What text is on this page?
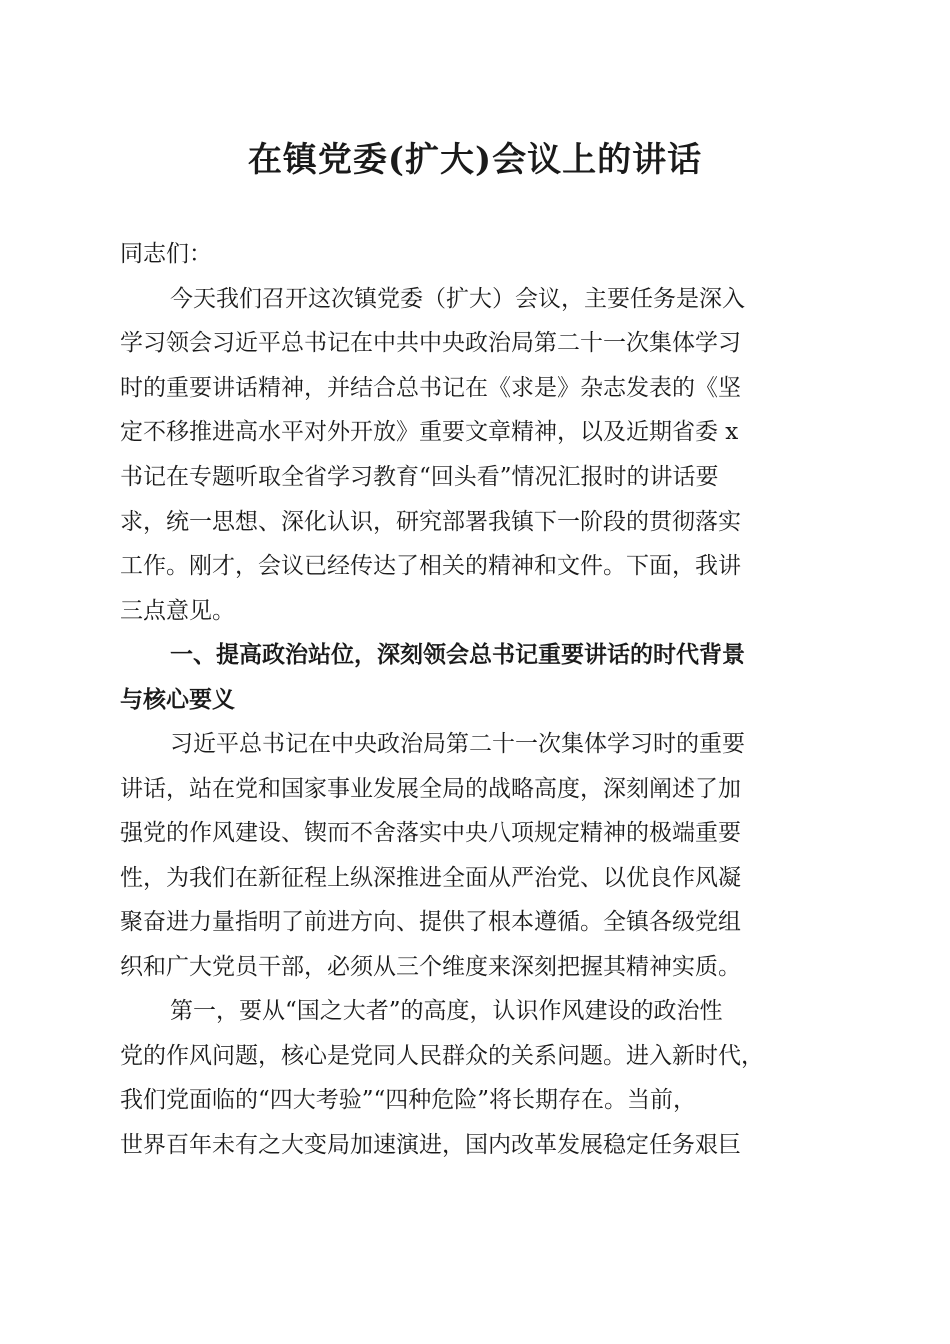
在镇党委(扩大)会议上的讲话
同志们：
今天我们召开这次镇党委（扩大）会议，主要任务是深入
学习领会习近平总书记在中共中央政治局第二十一次集体学习
时的重要讲话精神，并结合总书记在《求是》杂志发表的《坚
定不移推进高水平对外开放》重要文章精神，以及近期省委 x
书记在专题听取全省学习教育“回头看”情况汇报时的讲话要
求，统一思想、深化认识，研究部署我镇下一阶段的贯彻落实
工作。刚才，会议已经传达了相关的精神和文件。下面，我讲
三点意见。
一、提高政治站位，深刻领会总书记重要讲话的时代背景
与核心要义
习近平总书记在中央政治局第二十一次集体学习时的重要
讲话，站在党和国家事业发展全局的战略高度，深刻阐述了加
强党的作风建设、锲而不舍落实中央八项规定精神的极端重要
性，为我们在新征程上纵深推进全面从严治党、以优良作风凝
聚奋进力量指明了前进方向、提供了根本遵循。全镇各级党组
织和广大党员干部，必须从三个维度来深刻把握其精神实质。
第一，要从“国之大者”的高度，认识作风建设的政治性
党的作风问题，核心是党同人民群众的关系问题。进入新时代，
我们党面临的“四大考验”“四种危险”将长期存在。当前，
世界百年未有之大变局加速演进，国内改革发展稳定任务艰巨
